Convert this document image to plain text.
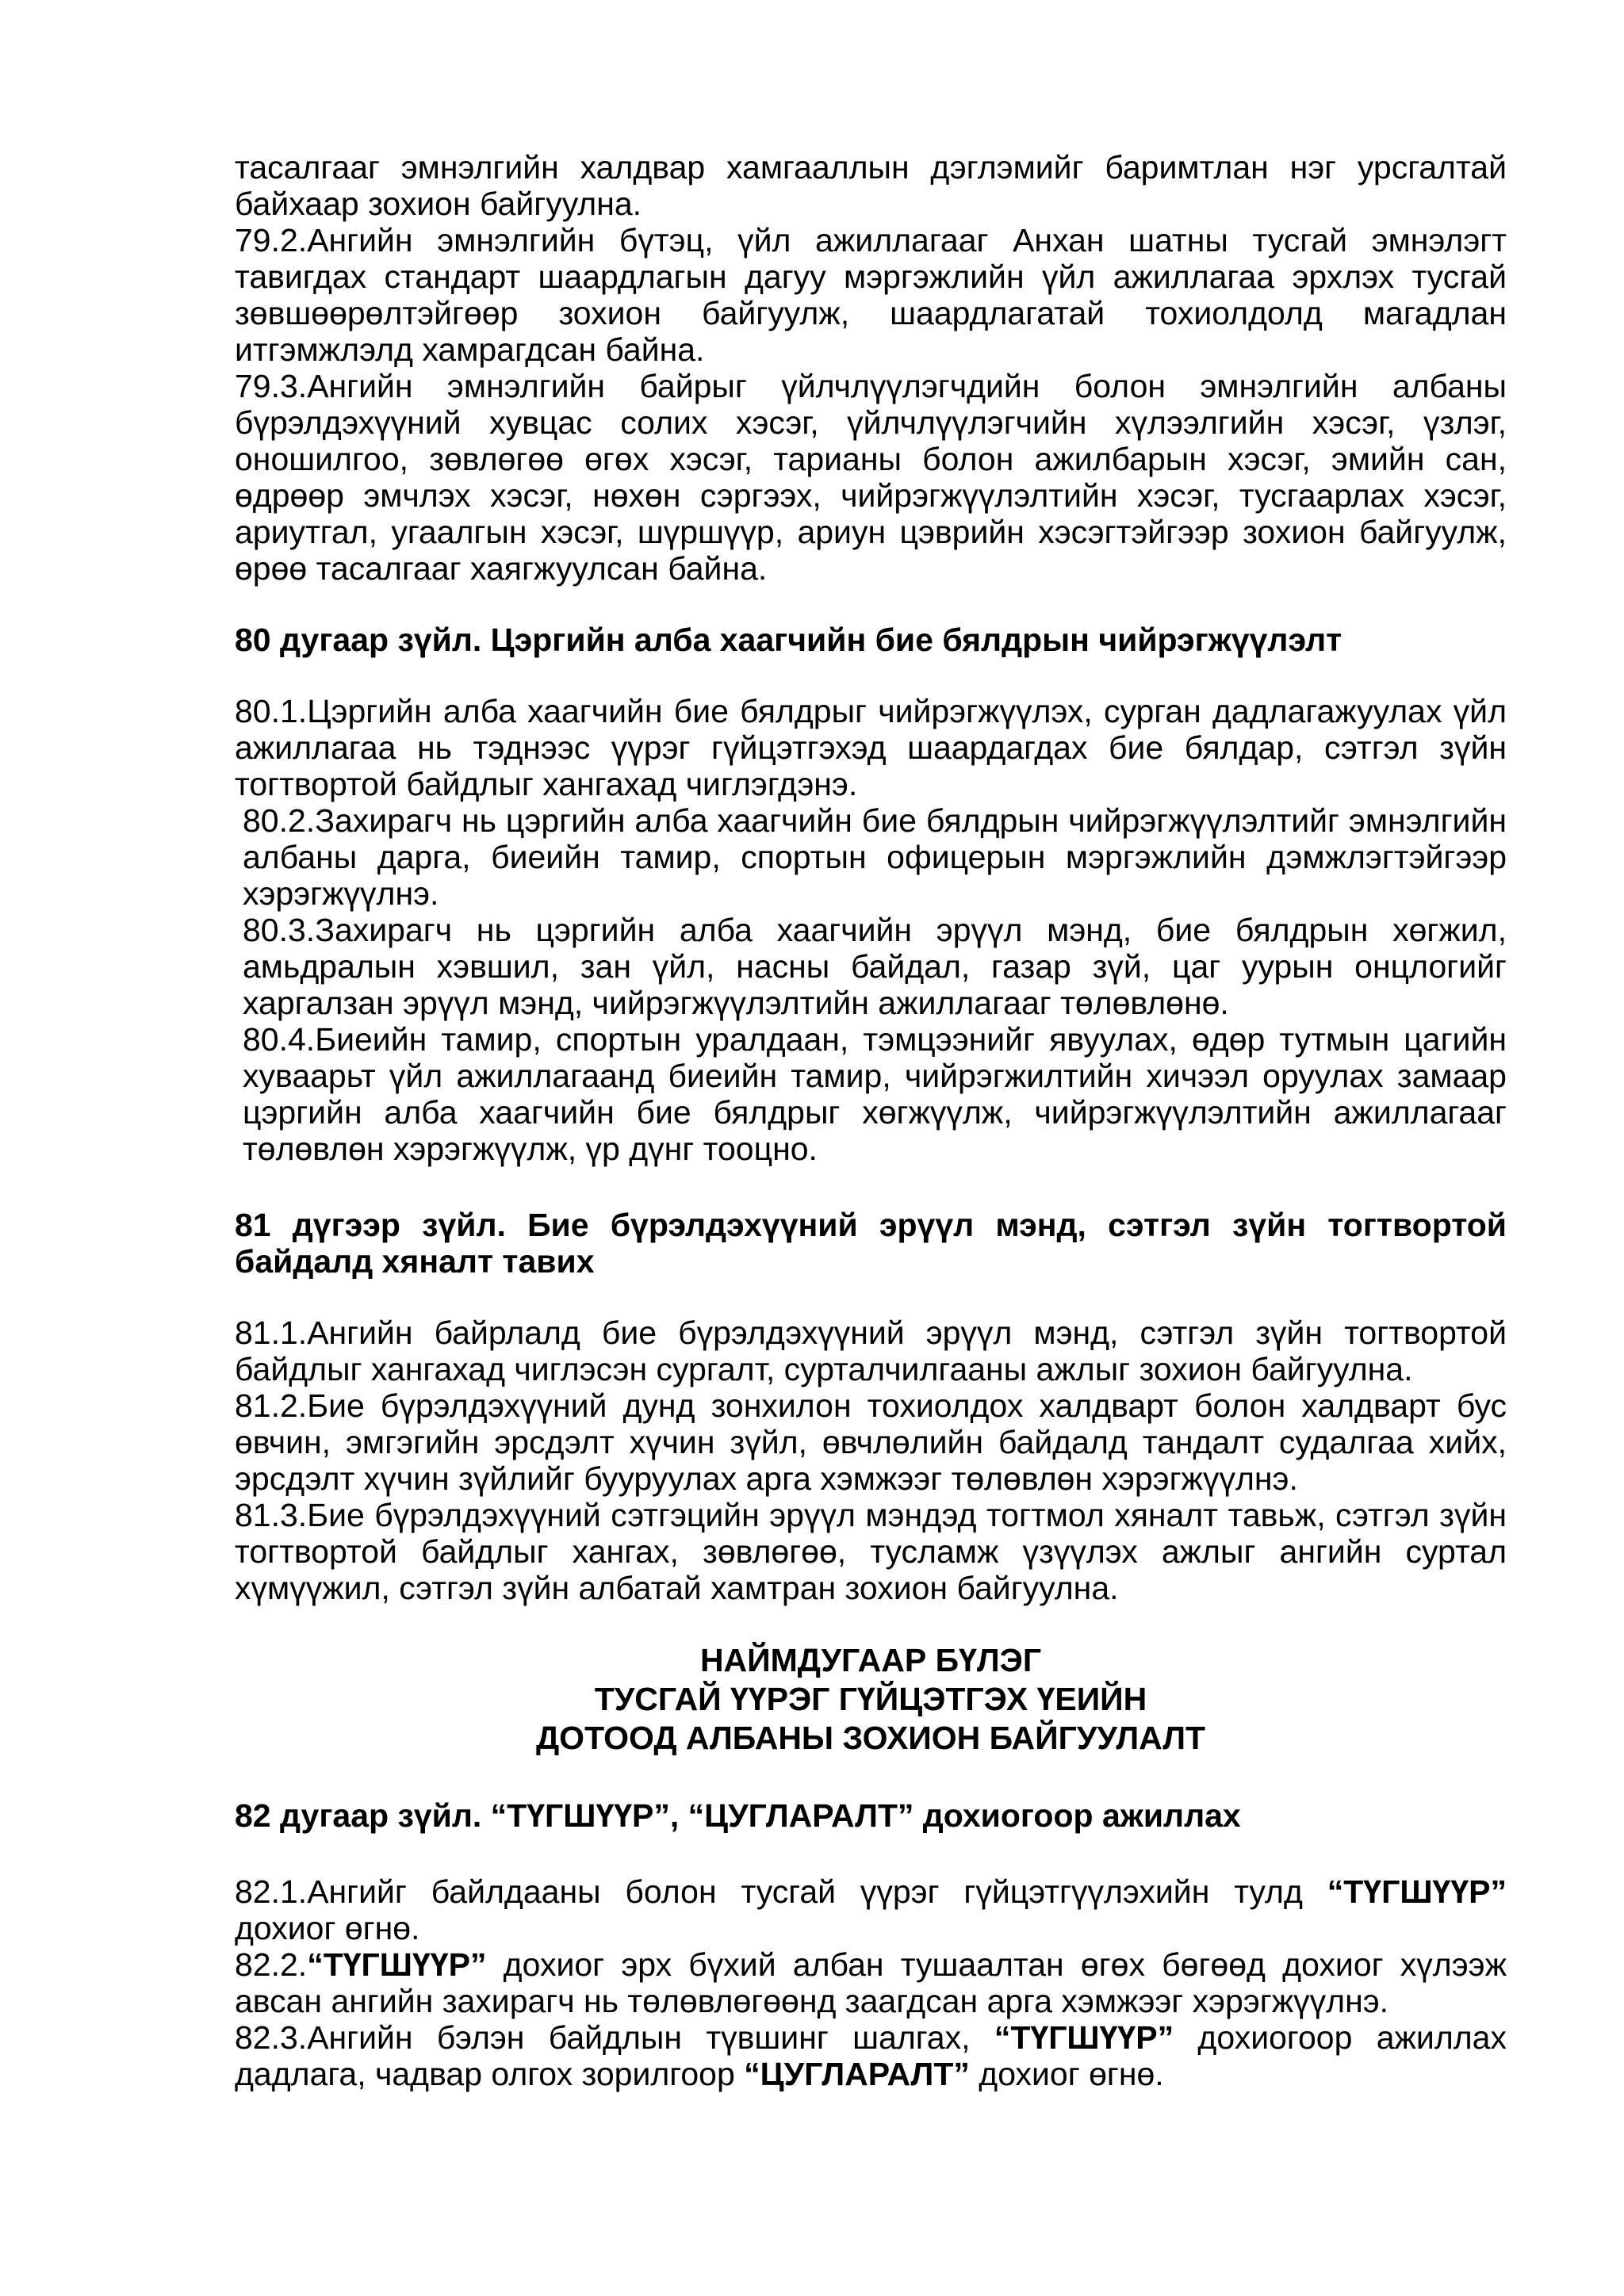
тасалгааг эмнэлгийн халдвар хамгааллын дэглэмийг баримтлан нэг урсгалтай байхаар зохион байгуулна.

79.2.Ангийн эмнэлгийн бүтэц, үйл ажиллагааг Анхан шатны тусгай эмнэлэгт тавигдах стандарт шаардлагын дагуу мэргэжлийн үйл ажиллагаа эрхлэх тусгай зөвшөөрөлтэйгөөр зохион байгуулж, шаардлагатай тохиолдолд магадлан итгэмжлэлд хамрагдсан байна.

79.3.Ангийн эмнэлгийн байрыг үйлчлүүлэгчдийн болон эмнэлгийн албаны бүрэлдэхүүний хувцас солих хэсэг, үйлчлүүлэгчийн хүлээлгийн хэсэг, үзлэг, оношилгоо, зөвлөгөө өгөх хэсэг, тарианы болон ажилбарын хэсэг, эмийн сан, өдрөөр эмчлэх хэсэг, нөхөн сэргээх, чийрэгжүүлэлтийн хэсэг, тусгаарлах хэсэг, ариутгал, угаалгын хэсэг, шүршүүр, ариун цэврийн хэсэгтэйгээр зохион байгуулж, өрөө тасалгааг хаягжуулсан байна.

80 дугаар зүйл. Цэргийн алба хаагчийн бие бялдрын чийрэгжүүлэлт

80.1.Цэргийн алба хаагчийн бие бялдрыг чийрэгжүүлэх, сурган дадлагажуулах үйл ажиллагаа нь тэднээс үүрэг гүйцэтгэхэд шаардагдах бие бялдар, сэтгэл зүйн тогтвортой байдлыг хангахад чиглэгдэнэ.

80.2.Захирагч нь цэргийн алба хаагчийн бие бялдрын чийрэгжүүлэлтийг эмнэлгийн албаны дарга, биеийн тамир, спортын офицерын мэргэжлийн дэмжлэгтэйгээр хэрэгжүүлнэ.

80.3.Захирагч нь цэргийн алба хаагчийн эрүүл мэнд, бие бялдрын хөгжил, амьдралын хэвшил, зан үйл, насны байдал, газар зүй, цаг уурын онцлогийг харгалзан эрүүл мэнд, чийрэгжүүлэлтийн ажиллагааг төлөвлөнө.

80.4.Биеийн тамир, спортын уралдаан, тэмцээнийг явуулах, өдөр тутмын цагийн хуваарьт үйл ажиллагаанд биеийн тамир, чийрэгжилтийн хичээл оруулах замаар цэргийн алба хаагчийн бие бялдрыг хөгжүүлж, чийрэгжүүлэлтийн ажиллагааг төлөвлөн хэрэгжүүлж, үр дүнг тооцно.

81 дүгээр зүйл. Бие бүрэлдэхүүний эрүүл мэнд, сэтгэл зүйн тогтвортой байдалд хяналт тавих

81.1.Ангийн байрлалд бие бүрэлдэхүүний эрүүл мэнд, сэтгэл зүйн тогтвортой байдлыг хангахад чиглэсэн сургалт, сурталчилгааны ажлыг зохион байгуулна.

81.2.Бие бүрэлдэхүүний дунд зонхилон тохиолдох халдварт болон халдварт бус өвчин, эмгэгийн эрсдэлт хүчин зүйл, өвчлөлийн байдалд тандалт судалгаа хийх, эрсдэлт хүчин зүйлийг бууруулах арга хэмжээг төлөвлөн хэрэгжүүлнэ.

81.3.Бие бүрэлдэхүүний сэтгэцийн эрүүл мэндэд тогтмол хяналт тавьж, сэтгэл зүйн тогтвортой байдлыг хангах, зөвлөгөө, тусламж үзүүлэх ажлыг ангийн суртал хүмүүжил, сэтгэл зүйн албатай хамтран зохион байгуулна.

НАЙМДУГААР БҮЛЭГ

ТУСГАЙ ҮҮРЭГ ГҮЙЦЭТГЭХ ҮЕИЙН

ДОТООД АЛБАНЫ ЗОХИОН БАЙГУУЛАЛТ

82 дугаар зүйл. “ТҮГШҮҮР”, “ЦУГЛАРАЛТ” дохиогоор ажиллах

82.1.Ангийг байлдааны болон тусгай үүрэг гүйцэтгүүлэхийн тулд “ТҮГШҮҮР” дохиог өгнө.

82.2.“ТҮГШҮҮР” дохиог эрх бүхий албан тушаалтан өгөх бөгөөд дохиог хүлээж авсан ангийн захирагч нь төлөвлөгөөнд заагдсан арга хэмжээг хэрэгжүүлнэ.

82.3.Ангийн бэлэн байдлын түвшинг шалгах, “ТҮГШҮҮР” дохиогоор ажиллах дадлага, чадвар олгох зорилгоор “ЦУГЛАРАЛТ” дохиог өгнө.
